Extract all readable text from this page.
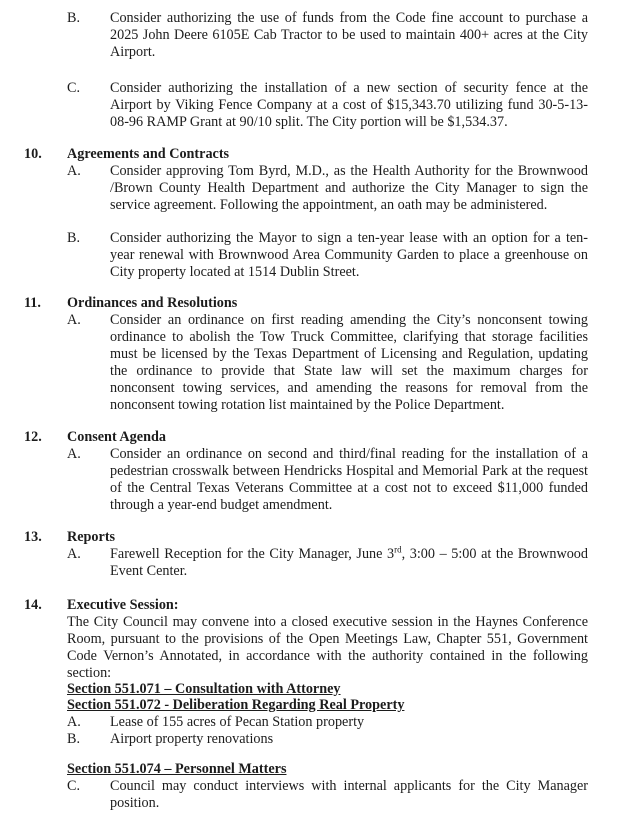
B. Consider authorizing the use of funds from the Code fine account to purchase a 2025 John Deere 6105E Cab Tractor to be used to maintain 400+ acres at the City Airport.
C. Consider authorizing the installation of a new section of security fence at the Airport by Viking Fence Company at a cost of $15,343.70 utilizing fund 30-5-13-08-96 RAMP Grant at 90/10 split. The City portion will be $1,534.37.
10. Agreements and Contracts
A. Consider approving Tom Byrd, M.D., as the Health Authority for the Brownwood /Brown County Health Department and authorize the City Manager to sign the service agreement. Following the appointment, an oath may be administered.
B. Consider authorizing the Mayor to sign a ten-year lease with an option for a ten-year renewal with Brownwood Area Community Garden to place a greenhouse on City property located at 1514 Dublin Street.
11. Ordinances and Resolutions
A. Consider an ordinance on first reading amending the City’s nonconsent towing ordinance to abolish the Tow Truck Committee, clarifying that storage facilities must be licensed by the Texas Department of Licensing and Regulation, updating the ordinance to provide that State law will set the maximum charges for nonconsent towing services, and amending the reasons for removal from the nonconsent towing rotation list maintained by the Police Department.
12. Consent Agenda
A. Consider an ordinance on second and third/final reading for the installation of a pedestrian crosswalk between Hendricks Hospital and Memorial Park at the request of the Central Texas Veterans Committee at a cost not to exceed $11,000 funded through a year-end budget amendment.
13. Reports
A. Farewell Reception for the City Manager, June 3rd, 3:00 – 5:00 at the Brownwood Event Center.
14. Executive Session:
The City Council may convene into a closed executive session in the Haynes Conference Room, pursuant to the provisions of the Open Meetings Law, Chapter 551, Government Code Vernon’s Annotated, in accordance with the authority contained in the following section:
Section 551.071 – Consultation with Attorney
Section 551.072 - Deliberation Regarding Real Property
A. Lease of 155 acres of Pecan Station property
B. Airport property renovations
Section 551.074 – Personnel Matters
C. Council may conduct interviews with internal applicants for the City Manager position.
